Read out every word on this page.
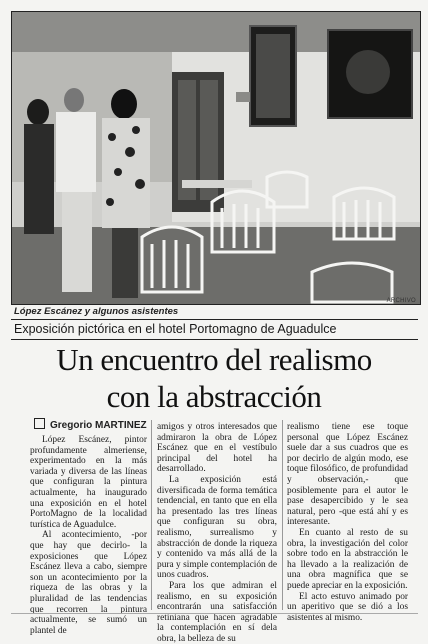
ARCHIVO
López Escánez y algunos asistentes
Exposición pictórica en el hotel Portomagno de Aguadulce
Un encuentro del realismo
con la abstracción
Gregorio MARTINEZ

López Escánez, pintor profundamente almeriense, experimentado en la más variada y diversa de las líneas que configuran la pintura actualmente, ha inaugurado una exposición en el hotel PortoMagno de la localidad turística de Aguadulce.

Al acontecimiento, -por que hay que decirlo- la exposiciones que López Escánez lleva a cabo, siempre son un acontecimiento por la riqueza de las obras y la pluralidad de las tendencias que recorren la pintura actualmente, se sumó un plantel de

amigos y otros interesados que admiraron la obra de López Escánez que en el vestíbulo principal del hotel ha desarrollado.

La exposición está diversificada de forma temática tendencial, en tanto que en ella ha presentado las tres líneas que configuran su obra, realismo, surrealismo y abstracción de donde la riqueza y contenido va más allá de la pura y simple contemplación de unos cuadros.

Para los que admiran el realismo, en su exposición encontrarán una satisfacción retiniana que hacen agradable la contemplación en sí dela obra, la belleza de su

realismo tiene ese toque personal que López Escánez suele dar a sus cuadros que es por decirlo de algún modo, ese toque filosófico, de profundidad y observación,- que posiblemente para el autor le pase desapercibido y le sea natural, pero -que está ahí y es interesante.

En cuanto al resto de su obra, la investigación del color sobre todo en la abstracción le ha llevado a la realización de una obra magnífica que se puede apreciar en la exposición.

El acto estuvo animado por un aperitivo que se dió a los asistentes al mismo.
